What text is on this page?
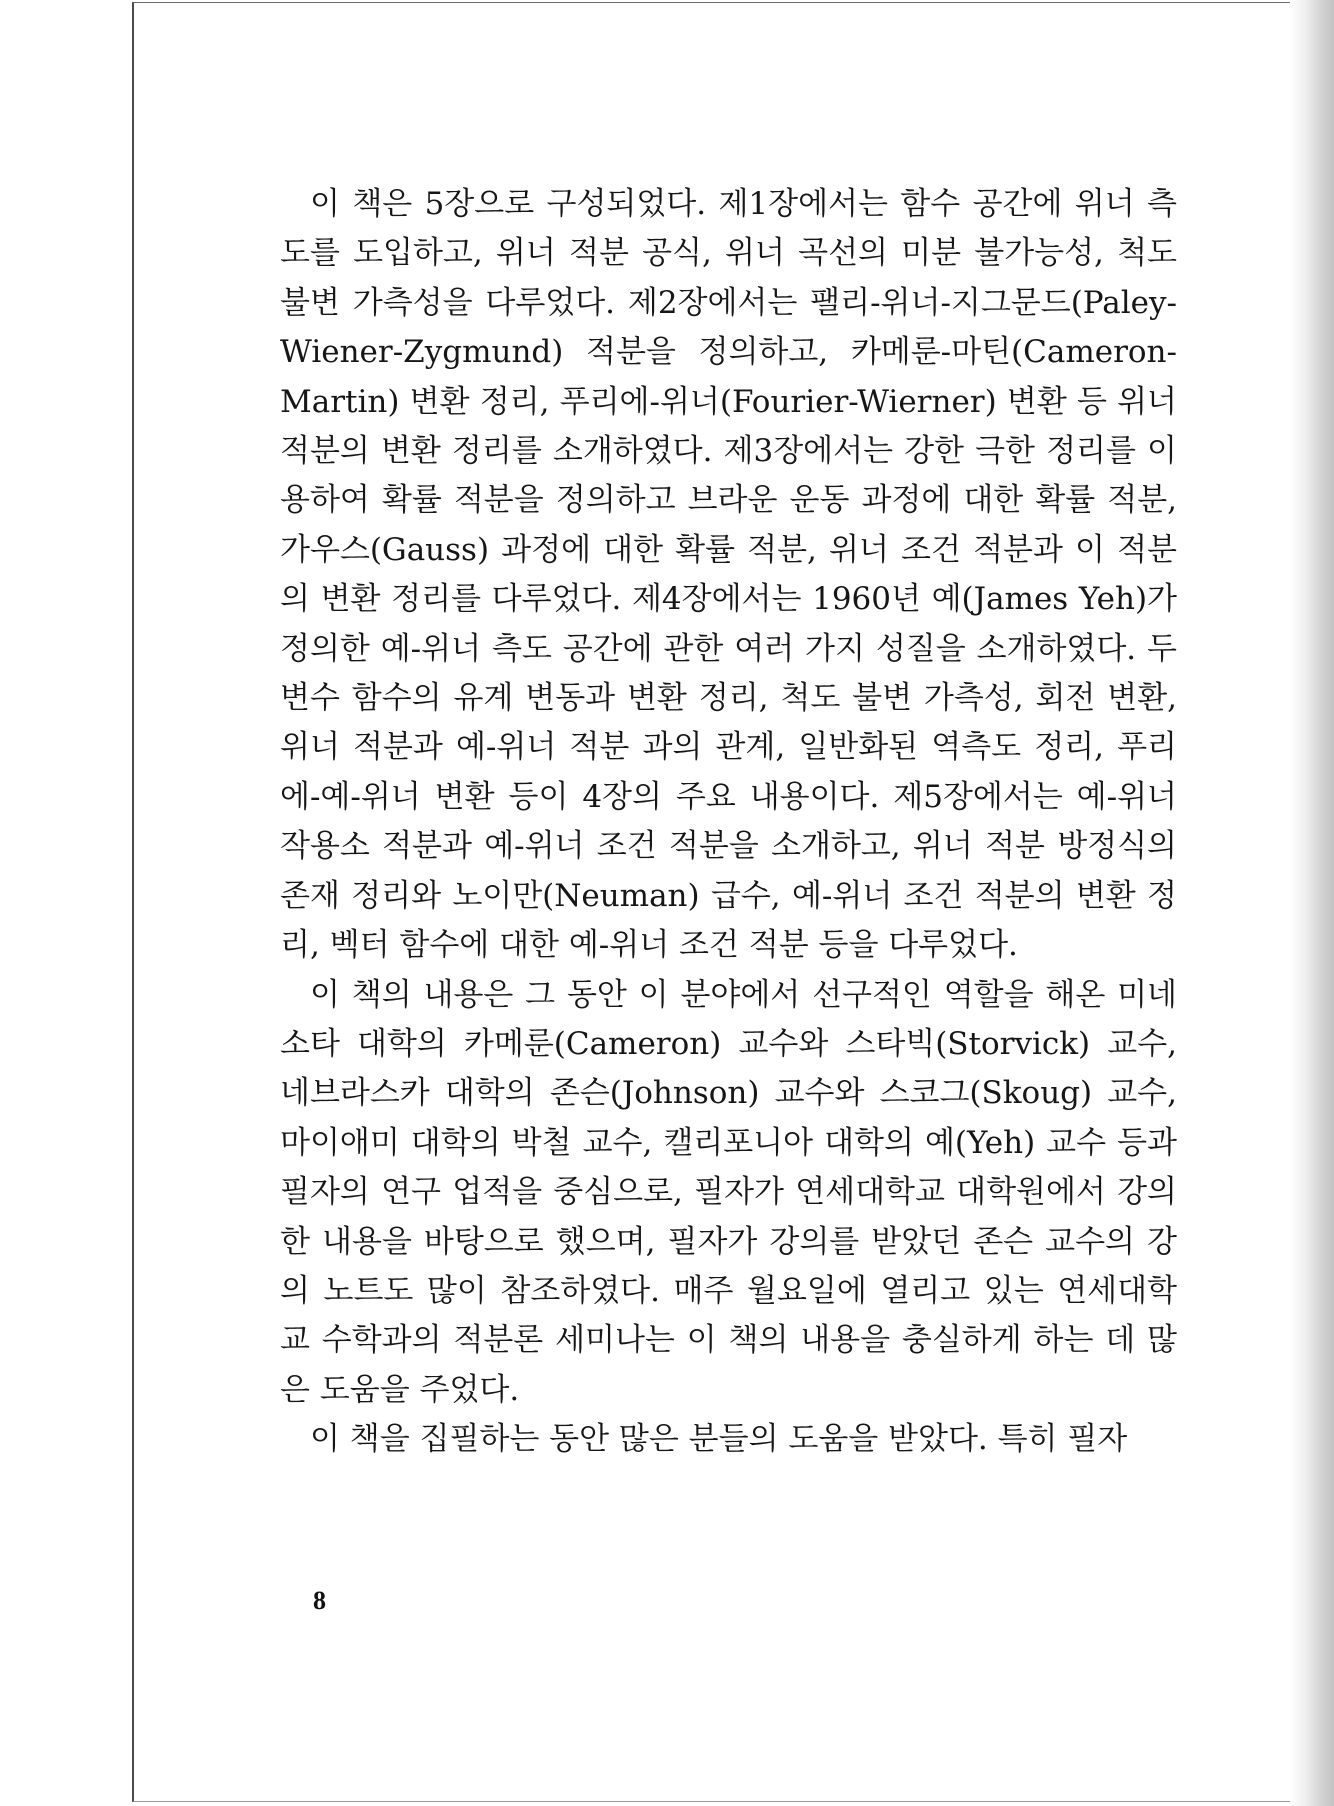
이 책은 5장으로 구성되었다. 제1장에서는 함수 공간에 위너 측도를 도입하고, 위너 적분 공식, 위너 곡선의 미분 불가능성, 척도 불변 가측성을 다루었다. 제2장에서는 팰리-위너-지그문드(Paley-Wiener-Zygmund) 적분을 정의하고, 카메룬-마틴(Cameron-Martin) 변환 정리, 푸리에-위너(Fourier-Wierner) 변환 등 위너 적분의 변환 정리를 소개하였다. 제3장에서는 강한 극한 정리를 이용하여 확률 적분을 정의하고 브라운 운동 과정에 대한 확률 적분, 가우스(Gauss) 과정에 대한 확률 적분, 위너 조건 적분과 이 적분의 변환 정리를 다루었다. 제4장에서는 1960년 예(James Yeh)가 정의한 예-위너 측도 공간에 관한 여러 가지 성질을 소개하였다. 두 변수 함수의 유계 변동과 변환 정리, 척도 불변 가측성, 회전 변환, 위너 적분과 예-위너 적분 과의 관계, 일반화된 역측도 정리, 푸리에-예-위너 변환 등이 4장의 주요 내용이다. 제5장에서는 예-위너 작용소 적분과 예-위너 조건 적분을 소개하고, 위너 적분 방정식의 존재 정리와 노이만(Neuman) 급수, 예-위너 조건 적분의 변환 정리, 벡터 함수에 대한 예-위너 조건 적분 등을 다루었다.

이 책의 내용은 그 동안 이 분야에서 선구적인 역할을 해온 미네소타 대학의 카메룬(Cameron) 교수와 스타빅(Storvick) 교수, 네브라스카 대학의 존슨(Johnson) 교수와 스코그(Skoug) 교수, 마이애미 대학의 박철 교수, 캘리포니아 대학의 예(Yeh) 교수 등과 필자의 연구 업적을 중심으로, 필자가 연세대학교 대학원에서 강의한 내용을 바탕으로 했으며, 필자가 강의를 받았던 존슨 교수의 강의 노트도 많이 참조하였다. 매주 월요일에 열리고 있는 연세대학교 수학과의 적분론 세미나는 이 책의 내용을 충실하게 하는 데 많은 도움을 주었다.

이 책을 집필하는 동안 많은 분들의 도움을 받았다. 특히 필자

8
